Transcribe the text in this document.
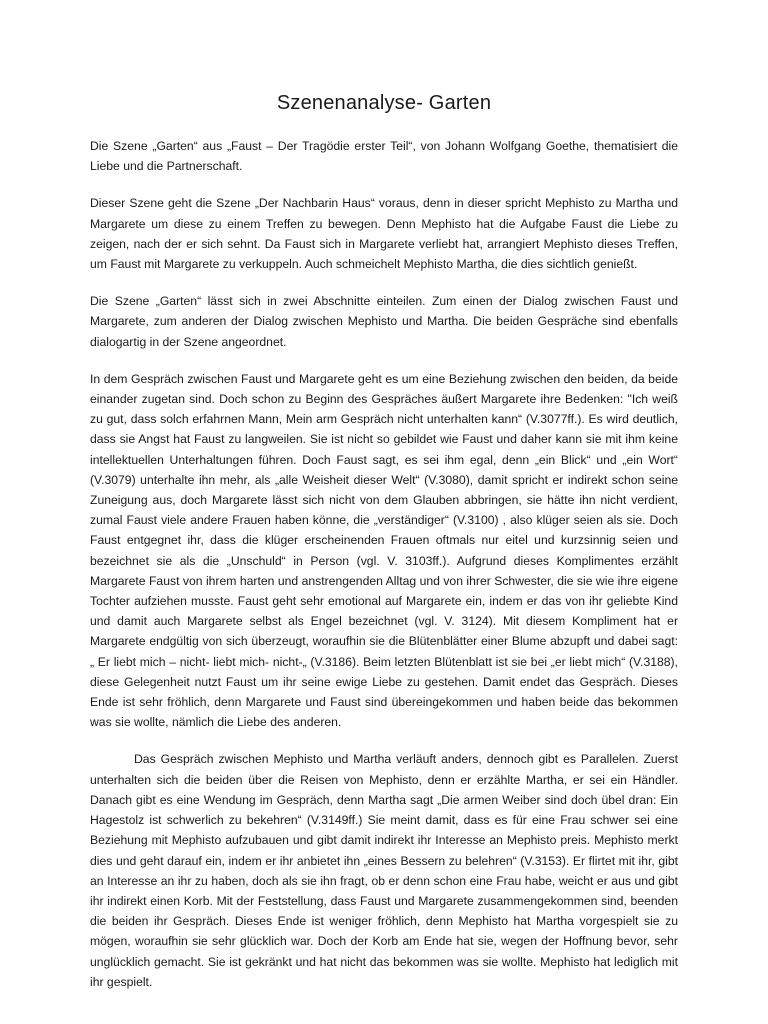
Szenenanalyse- Garten

Die Szene „Garten“ aus „Faust – Der Tragödie erster Teil“, von Johann Wolfgang Goethe, thematisiert die Liebe und die Partnerschaft.

Dieser Szene geht die Szene „Der Nachbarin Haus“ voraus, denn in dieser spricht Mephisto zu Martha und Margarete um diese zu einem Treffen zu bewegen. Denn Mephisto hat die Aufgabe Faust die Liebe zu zeigen, nach der er sich sehnt. Da Faust sich in Margarete verliebt hat, arrangiert Mephisto dieses Treffen, um Faust mit Margarete zu verkuppeln. Auch schmeichelt Mephisto Martha, die dies sichtlich genießt.

Die Szene „Garten“ lässt sich in zwei Abschnitte einteilen. Zum einen der Dialog zwischen Faust und Margarete, zum anderen der Dialog zwischen Mephisto und Martha. Die beiden Gespräche sind ebenfalls dialogartig in der Szene angeordnet.

In dem Gespräch zwischen Faust und Margarete geht es um eine Beziehung zwischen den beiden, da beide einander zugetan sind. Doch schon zu Beginn des Gespräches äußert Margarete ihre Bedenken: "Ich weiß zu gut, dass solch erfahrnen Mann, Mein arm Gespräch nicht unterhalten kann“ (V.3077ff.). Es wird deutlich, dass sie Angst hat Faust zu langweilen. Sie ist nicht so gebildet wie Faust und daher kann sie mit ihm keine intellektuellen Unterhaltungen führen. Doch Faust sagt, es sei ihm egal, denn „ein Blick“ und „ein Wort“ (V.3079) unterhalte ihn mehr, als „alle Weisheit dieser Welt“ (V.3080), damit spricht er indirekt schon seine Zuneigung aus, doch Margarete lässt sich nicht von dem Glauben abbringen, sie hätte ihn nicht verdient, zumal Faust viele andere Frauen haben könne, die „verständiger“ (V.3100) , also klüger seien als sie. Doch Faust entgegnet ihr, dass die klüger erscheinenden Frauen oftmals nur eitel und kurzsinnig seien und bezeichnet sie als die „Unschuld“ in Person (vgl. V. 3103ff.). Aufgrund dieses Komplimentes erzählt Margarete Faust von ihrem harten und anstrengenden Alltag und von ihrer Schwester, die sie wie ihre eigene Tochter aufziehen musste. Faust geht sehr emotional auf Margarete ein, indem er das von ihr geliebte Kind und damit auch Margarete selbst als Engel bezeichnet (vgl. V. 3124). Mit diesem Kompliment hat er Margarete endgültig von sich überzeugt, woraufhin sie die Blütenblätter einer Blume abzupft und dabei sagt: „ Er liebt mich – nicht- liebt mich- nicht-„ (V.3186). Beim letzten Blütenblatt ist sie bei „er liebt mich“ (V.3188), diese Gelegenheit nutzt Faust um ihr seine ewige Liebe zu gestehen. Damit endet das Gespräch. Dieses Ende ist sehr fröhlich, denn Margarete und Faust sind übereingekommen und haben beide das bekommen was sie wollte, nämlich die Liebe des anderen.

Das Gespräch zwischen Mephisto und Martha verläuft anders, dennoch gibt es Parallelen. Zuerst unterhalten sich die beiden über die Reisen von Mephisto, denn er erzählte Martha, er sei ein Händler. Danach gibt es eine Wendung im Gespräch, denn Martha sagt „Die armen Weiber sind doch übel dran: Ein Hagestolz ist schwerlich zu bekehren“ (V.3149ff.) Sie meint damit, dass es für eine Frau schwer sei eine Beziehung mit Mephisto aufzubauen und gibt damit indirekt ihr Interesse an Mephisto preis. Mephisto merkt dies und geht darauf ein, indem er ihr anbietet ihn „eines Bessern zu belehren“ (V.3153). Er flirtet mit ihr, gibt an Interesse an ihr zu haben, doch als sie ihn fragt, ob er denn schon eine Frau habe, weicht er aus und gibt ihr indirekt einen Korb. Mit der Feststellung, dass Faust und Margarete zusammengekommen sind, beenden die beiden ihr Gespräch. Dieses Ende ist weniger fröhlich, denn Mephisto hat Martha vorgespielt sie zu mögen, woraufhin sie sehr glücklich war. Doch der Korb am Ende hat sie, wegen der Hoffnung bevor, sehr unglücklich gemacht. Sie ist gekränkt und hat nicht das bekommen was sie wollte. Mephisto hat lediglich mit ihr gespielt.
